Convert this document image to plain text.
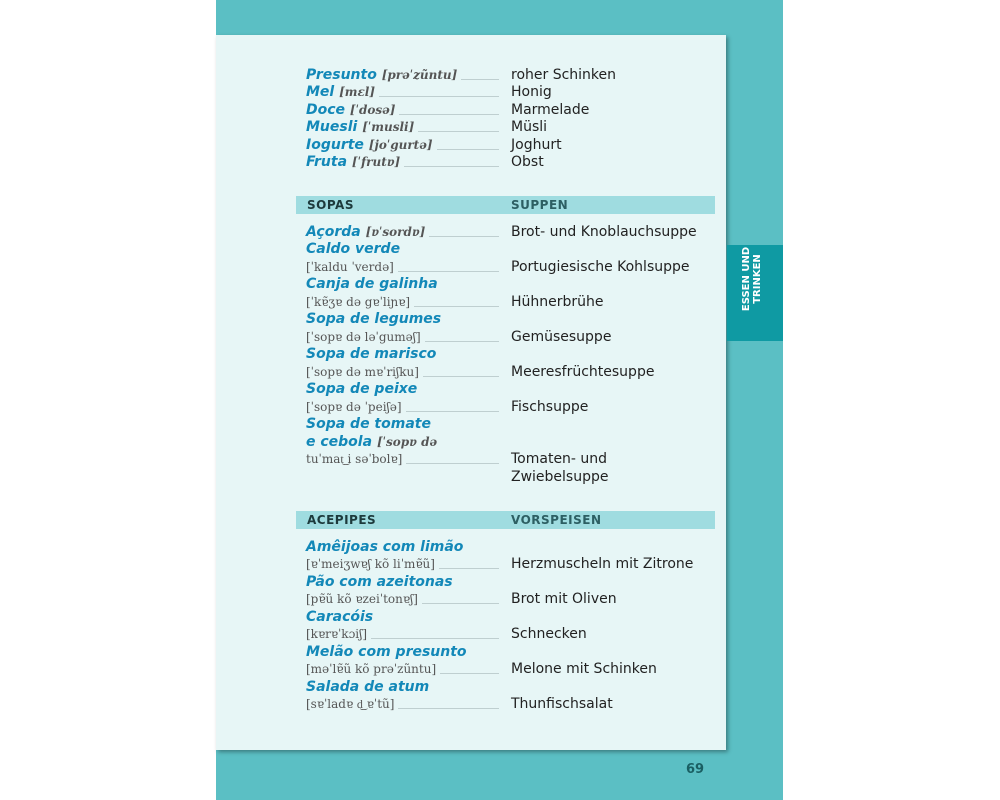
ESSEN UND TRINKEN
Presunto [prəˈzũntu]	roher Schinken
Mel [mɛl]	Honig
Doce [ˈdosə]	Marmelade
Muesli [ˈmusli]	Müsli
Iogurte [joˈgurtə]	Joghurt
Fruta [ˈfrutɐ]	Obst
SOPAS	SUPPEN
Açorda [ɐˈsordɐ]	Brot- und Knoblauchsuppe
Caldo verde
[ˈkaldu ˈverdə]	Portugiesische Kohlsuppe
Canja de galinha
[ˈkɐ̃ʒɐ də gɐˈliɲɐ]	Hühnerbrühe
Sopa de legumes
[ˈsopɐ də ləˈgumǝʃ]	Gemüsesuppe
Sopa de marisco
[ˈsopɐ də mɐˈriʃku]	Meeresfrüchtesuppe
Sopa de peixe
[ˈsopɐ də ˈpeiʃə]	Fischsuppe
Sopa de tomate
e cebola [ˈsopɐ də
tuˈmat͜ i səˈbolɐ]	Tomaten- und
Zwiebelsuppe
ACEPIPES	VORSPEISEN
Amêijoas com limão
[ɐˈmeiʒwɐʃ kõ liˈmɐ̃ũ]	Herzmuscheln mit Zitrone
Pão com azeitonas
[pɐ̃ũ kõ ɐzeiˈtonɐʃ]	Brot mit Oliven
Caracóis
[kɐrɐˈkɔiʃ]	Schnecken
Melão com presunto
[məˈlɐ̃ũ kõ prəˈzũntu]	Melone mit Schinken
Salada de atum
[sɐˈladɐ d͜ ɐˈtũ]	Thunfischsalat
69
